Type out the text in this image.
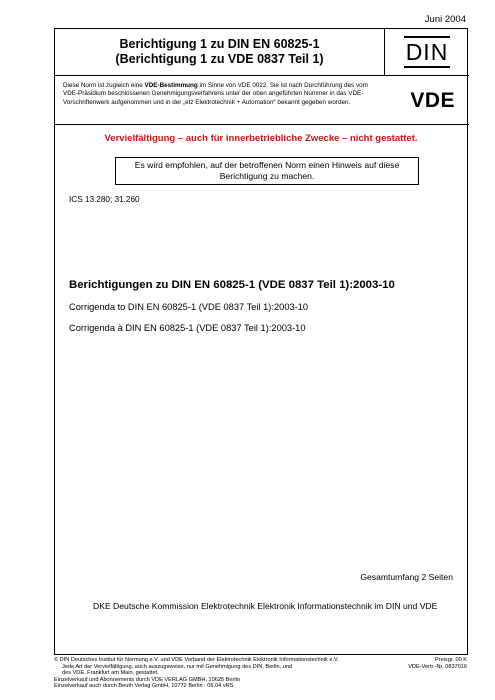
Juni 2004
Berichtigung 1 zu DIN EN 60825-1
(Berichtigung 1 zu VDE 0837 Teil 1)	DIN
Diese Norm ist zugleich eine VDE-Bestimmung im Sinne von VDE 0022. Sie ist nach Durchführung des vom VDE-Präsidium beschlossenen Genehmigungsverfahrens unter der oben angeführten Nummer in das VDE-Vorschriftenwerk aufgenommen und in der „etz Elektrotechnik + Automation“ bekannt gegeben worden.	VDE
Vervielfältigung – auch für innerbetriebliche Zwecke – nicht gestattet.
Es wird empfohlen, auf der betroffenen Norm einen Hinweis auf diese
Berichtigung zu machen.
ICS 13.280; 31.260
Berichtigungen zu DIN EN 60825-1 (VDE 0837 Teil 1):2003-10
Corrigenda to DIN EN 60825-1 (VDE 0837 Teil 1):2003-10
Corrigenda à DIN EN 60825-1 (VDE 0837 Teil 1):2003-10
Gesamtumfang 2 Seiten
DKE Deutsche Kommission Elektrotechnik Elektronik Informationstechnik im DIN und VDE
© DIN Deutsches Institut für Normung e.V. und VDE Verband der Elektrotechnik Elektronik Informationstechnik e.V.
Jede Art der Vervielfältigung, auch auszugsweise, nur mit Genehmigung des DIN, Berlin, und
des VDE, Frankfurt am Main, gestattet.
Einzelverkauf und Abonnements durch VDE VERLAG GMBH, 10625 Berlin
Einzelverkauf auch durch Beuth Verlag GmbH, 10772 Berlin : 06.04 vRS
Preisgr. 00 K
VDE-Vertr.-Nr. 0837016
